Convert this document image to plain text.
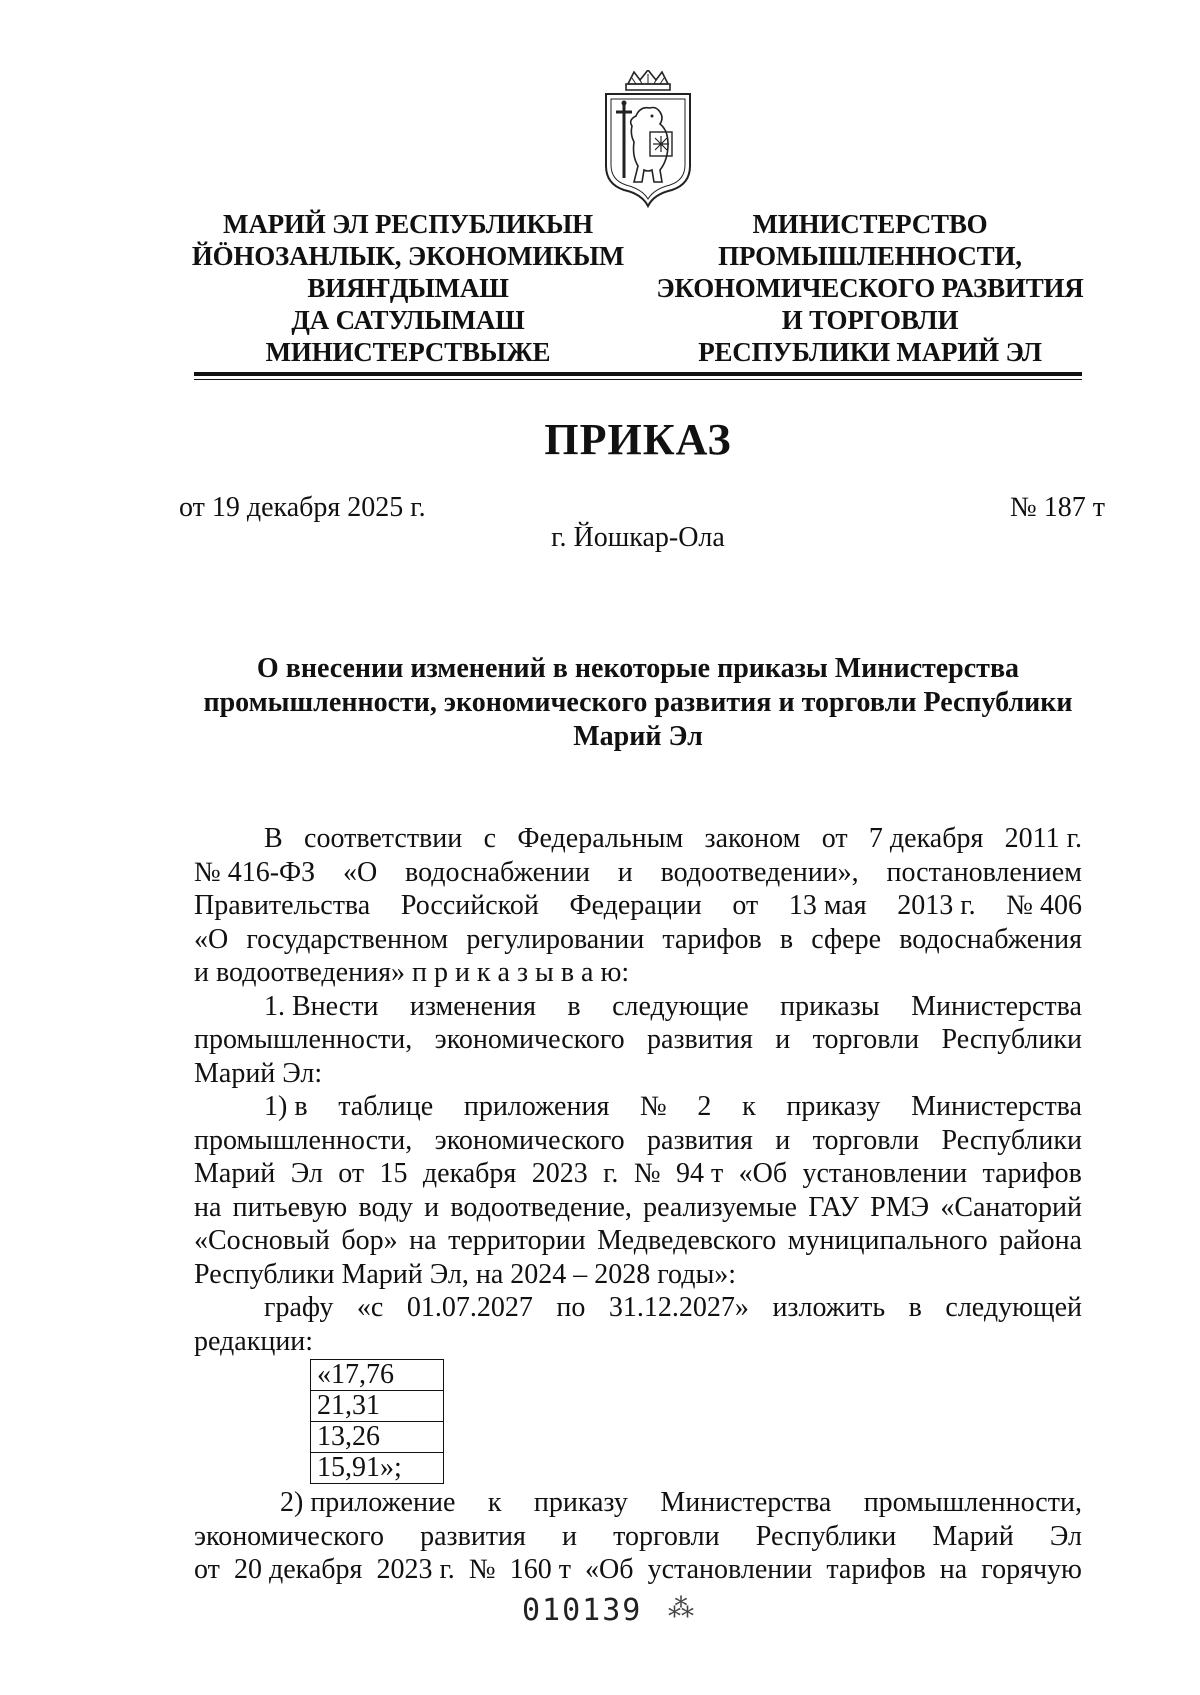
МАРИЙ ЭЛ РЕСПУБЛИКЫН
ЙÖНОЗАНЛЫК, ЭКОНОМИКЫМ
ВИЯҤДЫМАШ
ДА САТУЛЫМАШ
МИНИСТЕРСТВЫЖЕ
МИНИСТЕРСТВО
ПРОМЫШЛЕННОСТИ,
ЭКОНОМИЧЕСКОГО РАЗВИТИЯ
И ТОРГОВЛИ
РЕСПУБЛИКИ МАРИЙ ЭЛ
ПРИКАЗ
от 19 декабря 2025 г.	№ 187 т
г. Йошкар-Ола
О внесении изменений в некоторые приказы Министерства
промышленности, экономического развития и торговли Республики
Марий Эл
В соответствии с Федеральным законом от 7 декабря 2011 г.
№ 416-ФЗ «О водоснабжении и водоотведении», постановлением
Правительства Российской Федерации от 13 мая 2013 г. № 406
«О государственном регулировании тарифов в сфере водоснабжения
и водоотведения» п р и к а з ы в а ю:
1. Внести изменения в следующие приказы Министерства
промышленности, экономического развития и торговли Республики
Марий Эл:
1) в таблице приложения № 2 к приказу Министерства
промышленности, экономического развития и торговли Республики
Марий Эл от 15 декабря 2023 г. № 94 т «Об установлении тарифов
на питьевую воду и водоотведение, реализуемые ГАУ РМЭ «Санаторий
«Сосновый бор» на территории Медведевского муниципального района
Республики Марий Эл, на 2024 – 2028 годы»:
графу «с 01.07.2027 по 31.12.2027» изложить в следующей
редакции:
«17,76
21,31
13,26
15,91»;
2) приложение к приказу Министерства промышленности,
экономического развития и торговли Республики Марий Эл
от 20 декабря 2023 г. № 160 т «Об установлении тарифов на горячую
010139 ⁂
